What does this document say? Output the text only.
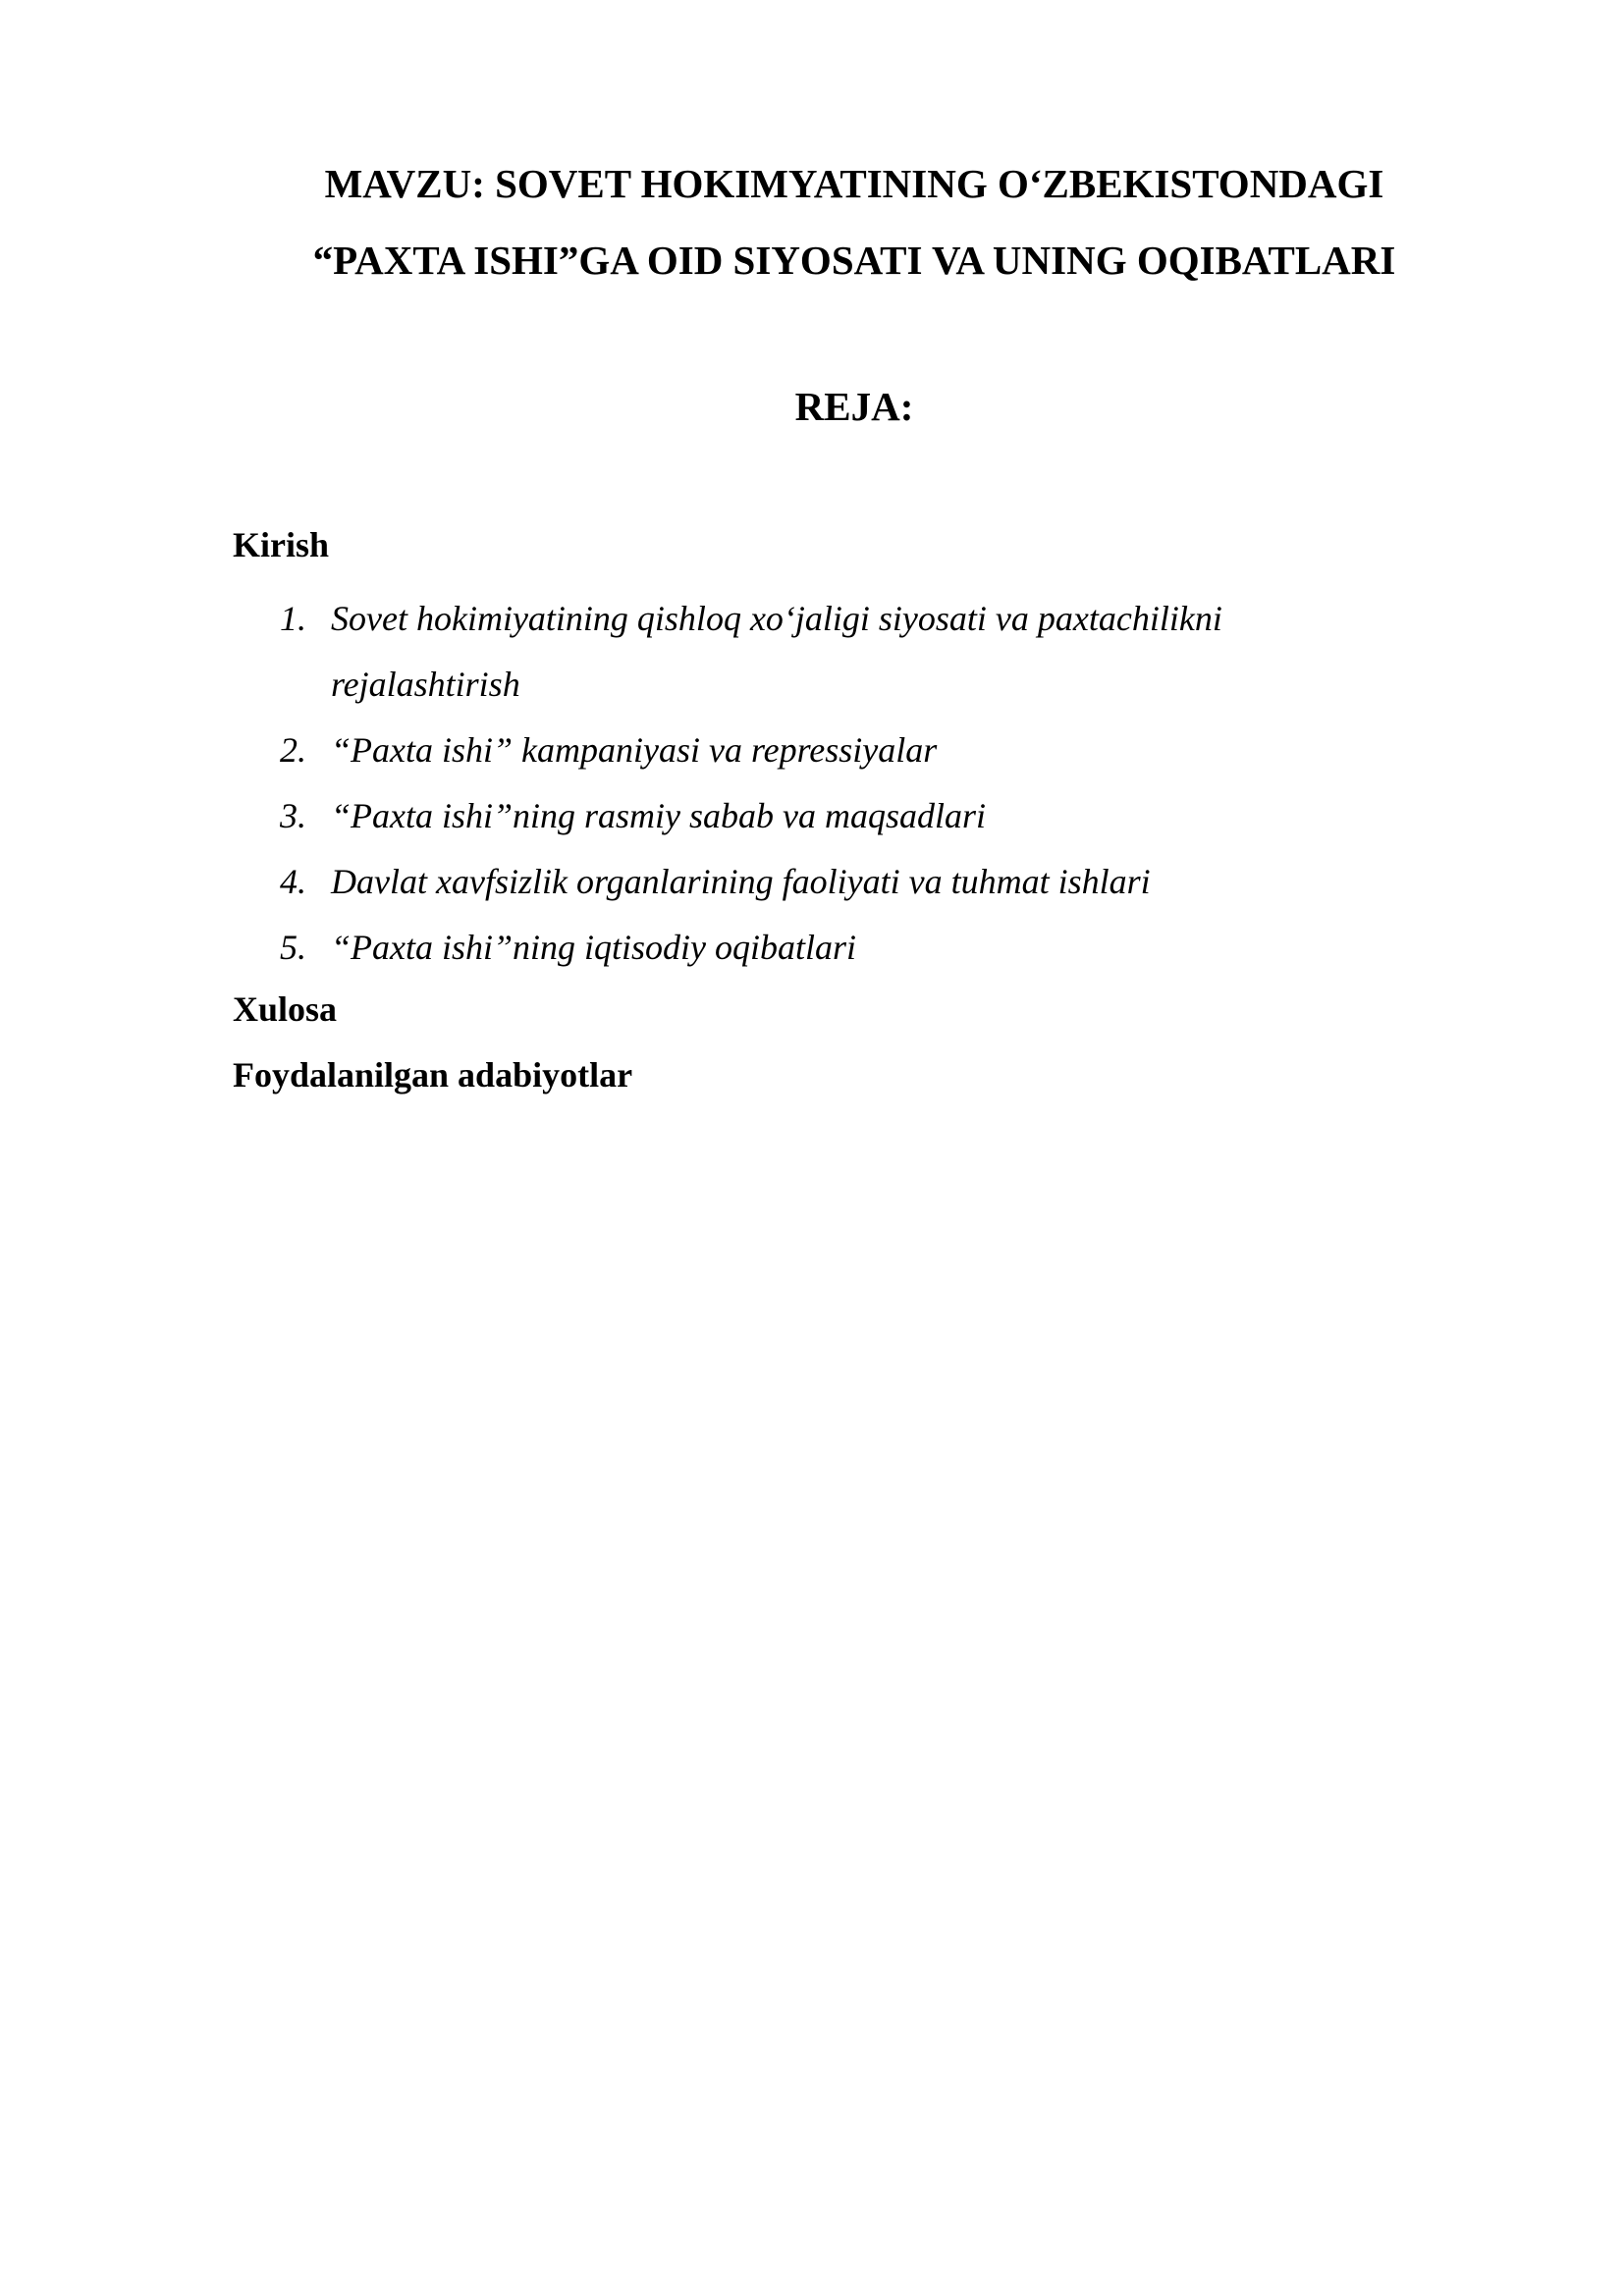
MAVZU: SOVET HOKIMYATINING O‘ZBEKISTONDAGI
“PAXTA ISHI”GA OID SIYOSATI VA UNING OQIBATLARI
REJA:

Kirish

1. Sovet hokimiyatining qishloq xo‘jaligi siyosati va paxtachilikni rejalashtirish
2. “Paxta ishi” kampaniyasi va repressiyalar
3. “Paxta ishi”ning rasmiy sabab va maqsadlari
4. Davlat xavfsizlik organlarining faoliyati va tuhmat ishlari
5. “Paxta ishi”ning iqtisodiy oqibatlari

Xulosa

Foydalanilgan adabiyotlar
